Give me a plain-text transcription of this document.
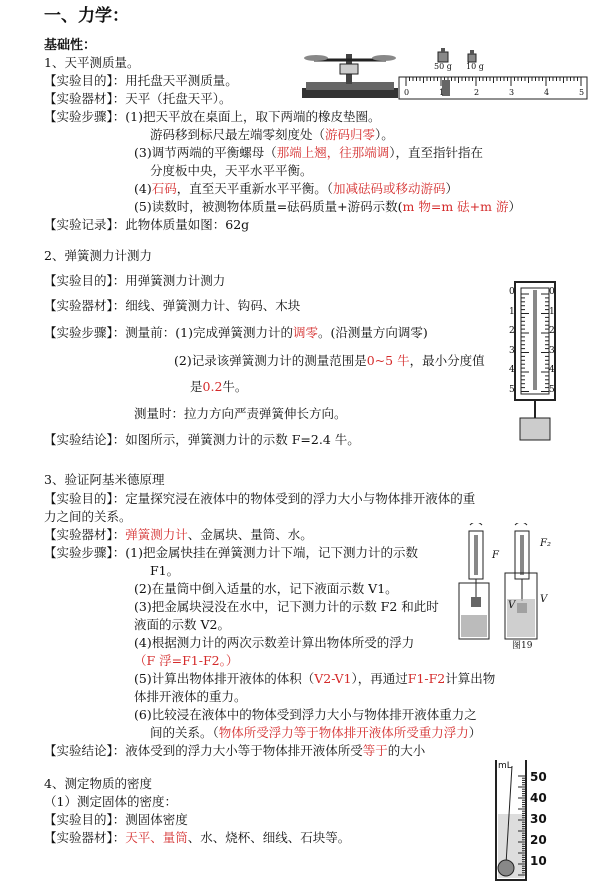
一、力学：
基础性：
1、天平测质量。
【实验目的】：用托盘天平测质量。
【实验器材】：天平（托盘天平）。
【实验步骤】：(1)把天平放在桌面上，取下两端的橡皮垫圈。
游码移到标尺最左端零刻度处（游码归零）。
(3)调节两端的平衡螺母（那端上翘，往那端调），直至指针指在
分度板中央，天平水平平衡。
(4)石码，直至天平重新水平平衡。（加减砝码或移动游码）
(5)读数时，被测物体质量=砝码质量+游码示数(m 物=m 砝+m 游）
【实验记录】：此物体质量如图：62g
50 g 10 g
0	1	2	3	4	5
2、弹簧测力计测力
【实验目的】：用弹簧测力计测力
【实验器材】：细线、弹簧测力计、钩码、木块
【实验步骤】：测量前：(1)完成弹簧测力计的调零。(沿测量方向调零)
(2)记录该弹簧测力计的测量范围是0~5 牛，最小分度值
是0.2牛。
测量时：拉力方向严责弹簧伸长方向。
【实验结论】：如图所示，弹簧测力计的示数 F=2.4 牛。
0	0
1	1
2	2
3	3
4	4
5	5
3、验证阿基米德原理
【实验目的】：定量探究浸在液体中的物体受到的浮力大小与物体排开液体的重
力之间的关系。
【实验器材】：弹簧测力计、金属块、量筒、水。
【实验步骤】：(1)把金属快挂在弹簧测力计下端，记下测力计的示数
F1。
(2)在量筒中倒入适量的水，记下液面示数 V1。
(3)把金属块浸没在水中，记下测力计的示数 F2 和此时
液面的示数 V2。
(4)根据测力计的两次示数差计算出物体所受的浮力
（F 浮=F1-F2。）
(5)计算出物体排开液体的体积（V2-V1），再通过F1-F2计算出物
体排开液体的重力。
(6)比较浸在液体中的物体受到浮力大小与物体排开液体重力之
间的关系。（物体所受浮力等于物体排开液体所受重力浮力）
【实验结论】：液体受到的浮力大小等于物体排开液体所受等于的大小
F
F₂
V
V
图19
4、测定物质的密度
（1）测定固体的密度：
【实验目的】：测固体密度
【实验器材】：天平、量筒、水、烧杯、细线、石块等。
mL
50
40
30
20
10
